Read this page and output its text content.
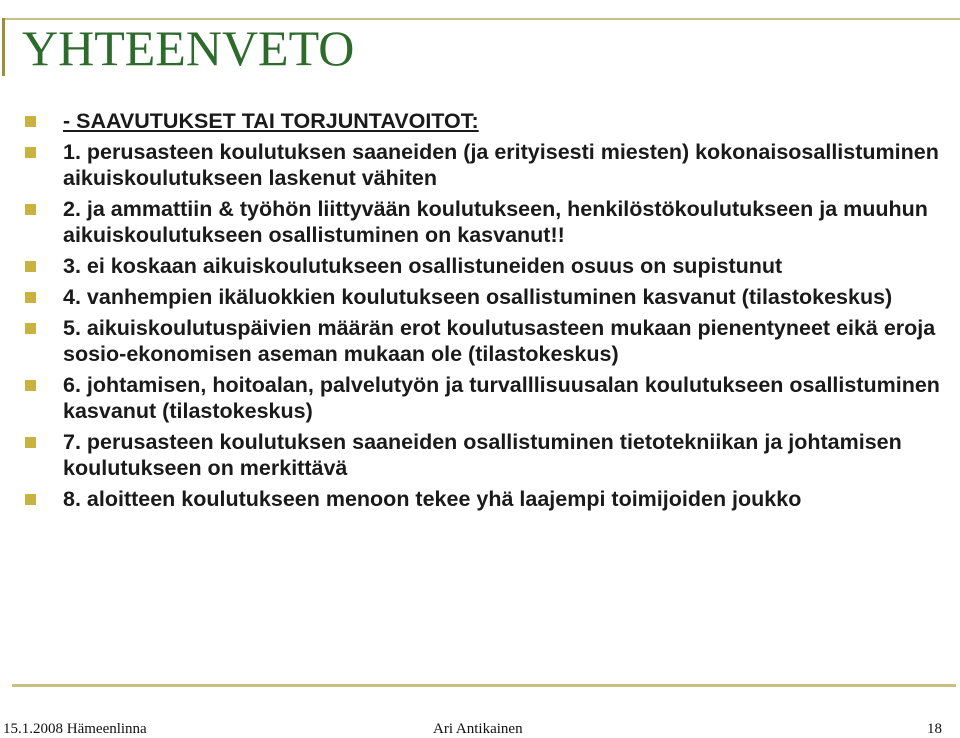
YHTEENVETO
- SAAVUTUKSET TAI TORJUNTAVOITOT:
1. perusasteen koulutuksen saaneiden (ja erityisesti miesten) kokonaisosallistuminen aikuiskoulutukseen laskenut vähiten
2. ja ammattiin & työhön liittyvään koulutukseen, henkilöstökoulutukseen ja muuhun aikuiskoulutukseen osallistuminen on kasvanut!!
3. ei koskaan aikuiskoulutukseen osallistuneiden osuus on supistunut
4. vanhempien ikäluokkien koulutukseen osallistuminen kasvanut (tilastokeskus)
5. aikuiskoulutuspäivien määrän erot koulutusasteen mukaan pienentyneet eikä eroja sosio-ekonomisen aseman mukaan ole (tilastokeskus)
6. johtamisen, hoitoalan, palvelutyön ja turvalllisuusalan koulutukseen osallistuminen kasvanut (tilastokeskus)
7. perusasteen koulutuksen saaneiden osallistuminen tietotekniikan ja johtamisen koulutukseen on merkittävä
8. aloitteen koulutukseen menoon tekee yhä laajempi toimijoiden joukko
15.1.2008 Hämeenlinna	Ari Antikainen	18
